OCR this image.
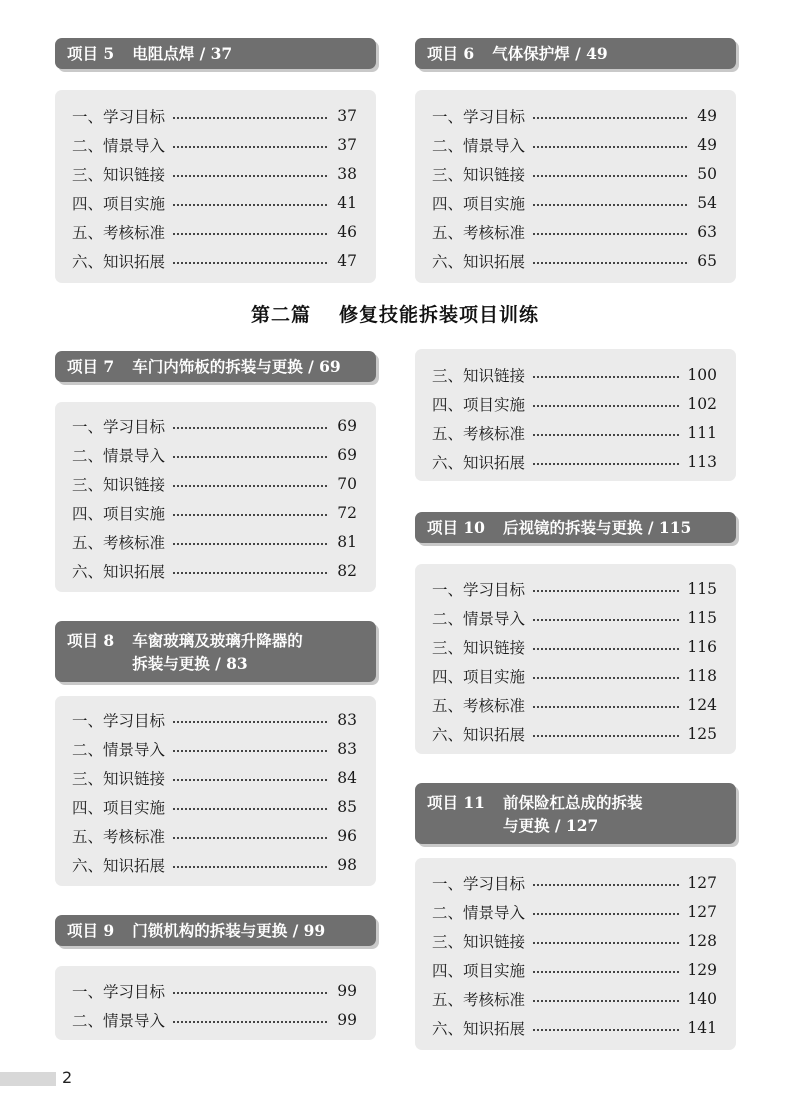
项目 5 电阻点焊 / 37
一、学习目标	37
二、情景导入	37
三、知识链接	38
四、项目实施	41
五、考核标准	46
六、知识拓展	47
第二篇 修复技能拆装项目训练
项目 7 车门内饰板的拆装与更换 / 69
一、学习目标	69
二、情景导入	69
三、知识链接	70
四、项目实施	72
五、考核标准	81
六、知识拓展	82
项目 8 车窗玻璃及玻璃升降器的
拆装与更换 / 83
一、学习目标	83
二、情景导入	83
三、知识链接	84
四、项目实施	85
五、考核标准	96
六、知识拓展	98
项目 9 门锁机构的拆装与更换 / 99
一、学习目标	99
二、情景导入	99
项目 6 气体保护焊 / 49
一、学习目标	49
二、情景导入	49
三、知识链接	50
四、项目实施	54
五、考核标准	63
六、知识拓展	65
三、知识链接	100
四、项目实施	102
五、考核标准	111
六、知识拓展	113
项目 10 后视镜的拆装与更换 / 115
一、学习目标	115
二、情景导入	115
三、知识链接	116
四、项目实施	118
五、考核标准	124
六、知识拓展	125
项目 11 前保险杠总成的拆装
与更换 / 127
一、学习目标	127
二、情景导入	127
三、知识链接	128
四、项目实施	129
五、考核标准	140
六、知识拓展	141
2
